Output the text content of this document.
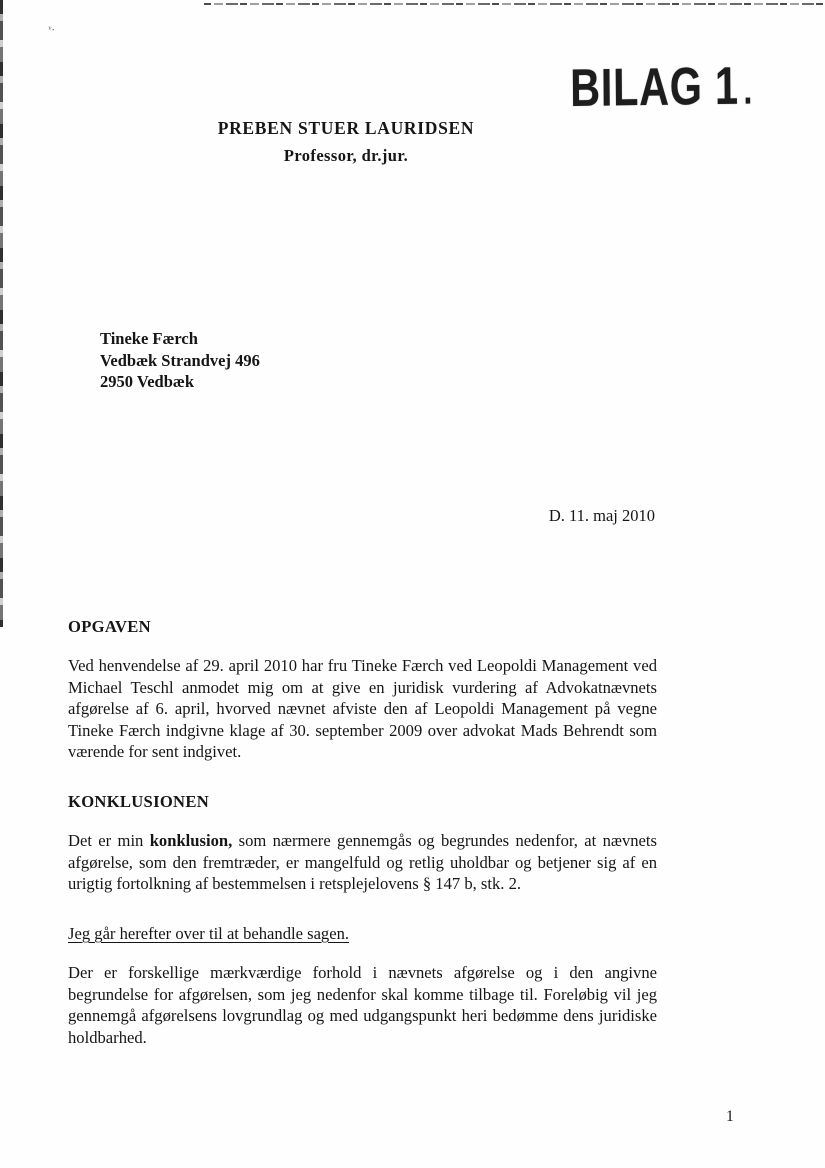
ᵛ·
BILAG 1 .
PREBEN STUER LAURIDSEN
Professor, dr.jur.
Tineke Færch
Vedbæk Strandvej 496
2950 Vedbæk
D. 11. maj 2010
OPGAVEN
Ved henvendelse af 29. april 2010 har fru Tineke Færch ved Leopoldi Management ved Michael Teschl anmodet mig om at give en juridisk vurdering af Advokatnævnets afgørelse af 6. april, hvorved nævnet afviste den af Leopoldi Management på vegne Tineke Færch indgivne klage af 30. september 2009 over advokat Mads Behrendt som værende for sent indgivet.
KONKLUSIONEN
Det er min konklusion, som nærmere gennemgås og begrundes nedenfor, at nævnets afgørelse, som den fremtræder, er mangelfuld og retlig uholdbar og betjener sig af en urigtig fortolkning af bestemmelsen i retsplejelovens § 147 b, stk. 2.
Jeg går herefter over til at behandle sagen.
Der er forskellige mærkværdige forhold i nævnets afgørelse og i den angivne begrundelse for afgørelsen, som jeg nedenfor skal komme tilbage til. Foreløbig vil jeg gennemgå afgørelsens lovgrundlag og med udgangspunkt heri bedømme dens juridiske holdbarhed.
1
